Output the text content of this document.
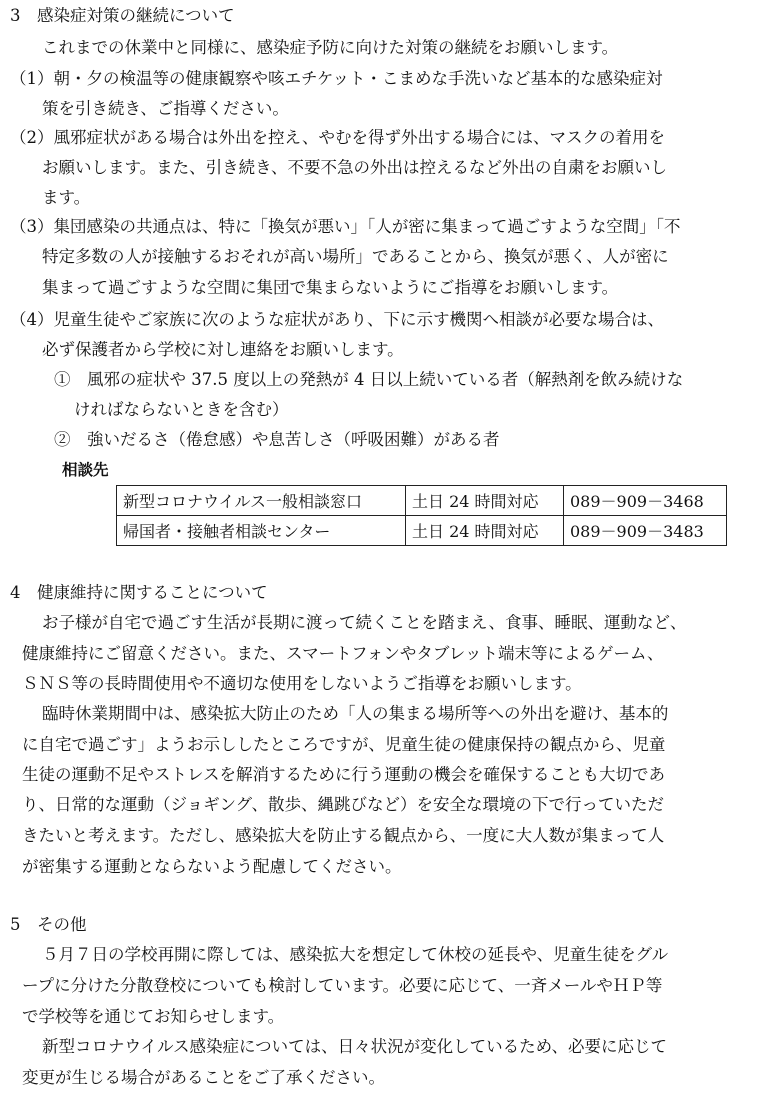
3　感染症対策の継続について
これまでの休業中と同様に、感染症予防に向けた対策の継続をお願いします。
（1）朝・夕の検温等の健康観察や咳エチケット・こまめな手洗いなど基本的な感染症対
策を引き続き、ご指導ください。
（2）風邪症状がある場合は外出を控え、やむを得ず外出する場合には、マスクの着用を
お願いします。また、引き続き、不要不急の外出は控えるなど外出の自粛をお願いし
ます。
（3）集団感染の共通点は、特に「換気が悪い」「人が密に集まって過ごすような空間」「不
特定多数の人が接触するおそれが高い場所」であることから、換気が悪く、人が密に
集まって過ごすような空間に集団で集まらないようにご指導をお願いします。
（4）児童生徒やご家族に次のような症状があり、下に示す機関へ相談が必要な場合は、
必ず保護者から学校に対し連絡をお願いします。
①　風邪の症状や 37.5 度以上の発熱が 4 日以上続いている者（解熱剤を飲み続けな
ければならないときを含む）
②　強いだるさ（倦怠感）や息苦しさ（呼吸困難）がある者
相談先
新型コロナウイルス一般相談窓口	土日 24 時間対応	089－909－3468
帰国者・接触者相談センター	土日 24 時間対応	089－909－3483
4　健康維持に関することについて
お子様が自宅で過ごす生活が長期に渡って続くことを踏まえ、食事、睡眠、運動など、
健康維持にご留意ください。また、スマートフォンやタブレット端末等によるゲーム、
ＳＮＳ等の長時間使用や不適切な使用をしないようご指導をお願いします。
臨時休業期間中は、感染拡大防止のため「人の集まる場所等への外出を避け、基本的
に自宅で過ごす」ようお示ししたところですが、児童生徒の健康保持の観点から、児童
生徒の運動不足やストレスを解消するために行う運動の機会を確保することも大切であ
り、日常的な運動（ジョギング、散歩、縄跳びなど）を安全な環境の下で行っていただ
きたいと考えます。ただし、感染拡大を防止する観点から、一度に大人数が集まって人
が密集する運動とならないよう配慮してください。
5　その他
５月７日の学校再開に際しては、感染拡大を想定して休校の延長や、児童生徒をグル
ープに分けた分散登校についても検討しています。必要に応じて、一斉メールやＨＰ等
で学校等を通じてお知らせします。
新型コロナウイルス感染症については、日々状況が変化しているため、必要に応じて
変更が生じる場合があることをご了承ください。
